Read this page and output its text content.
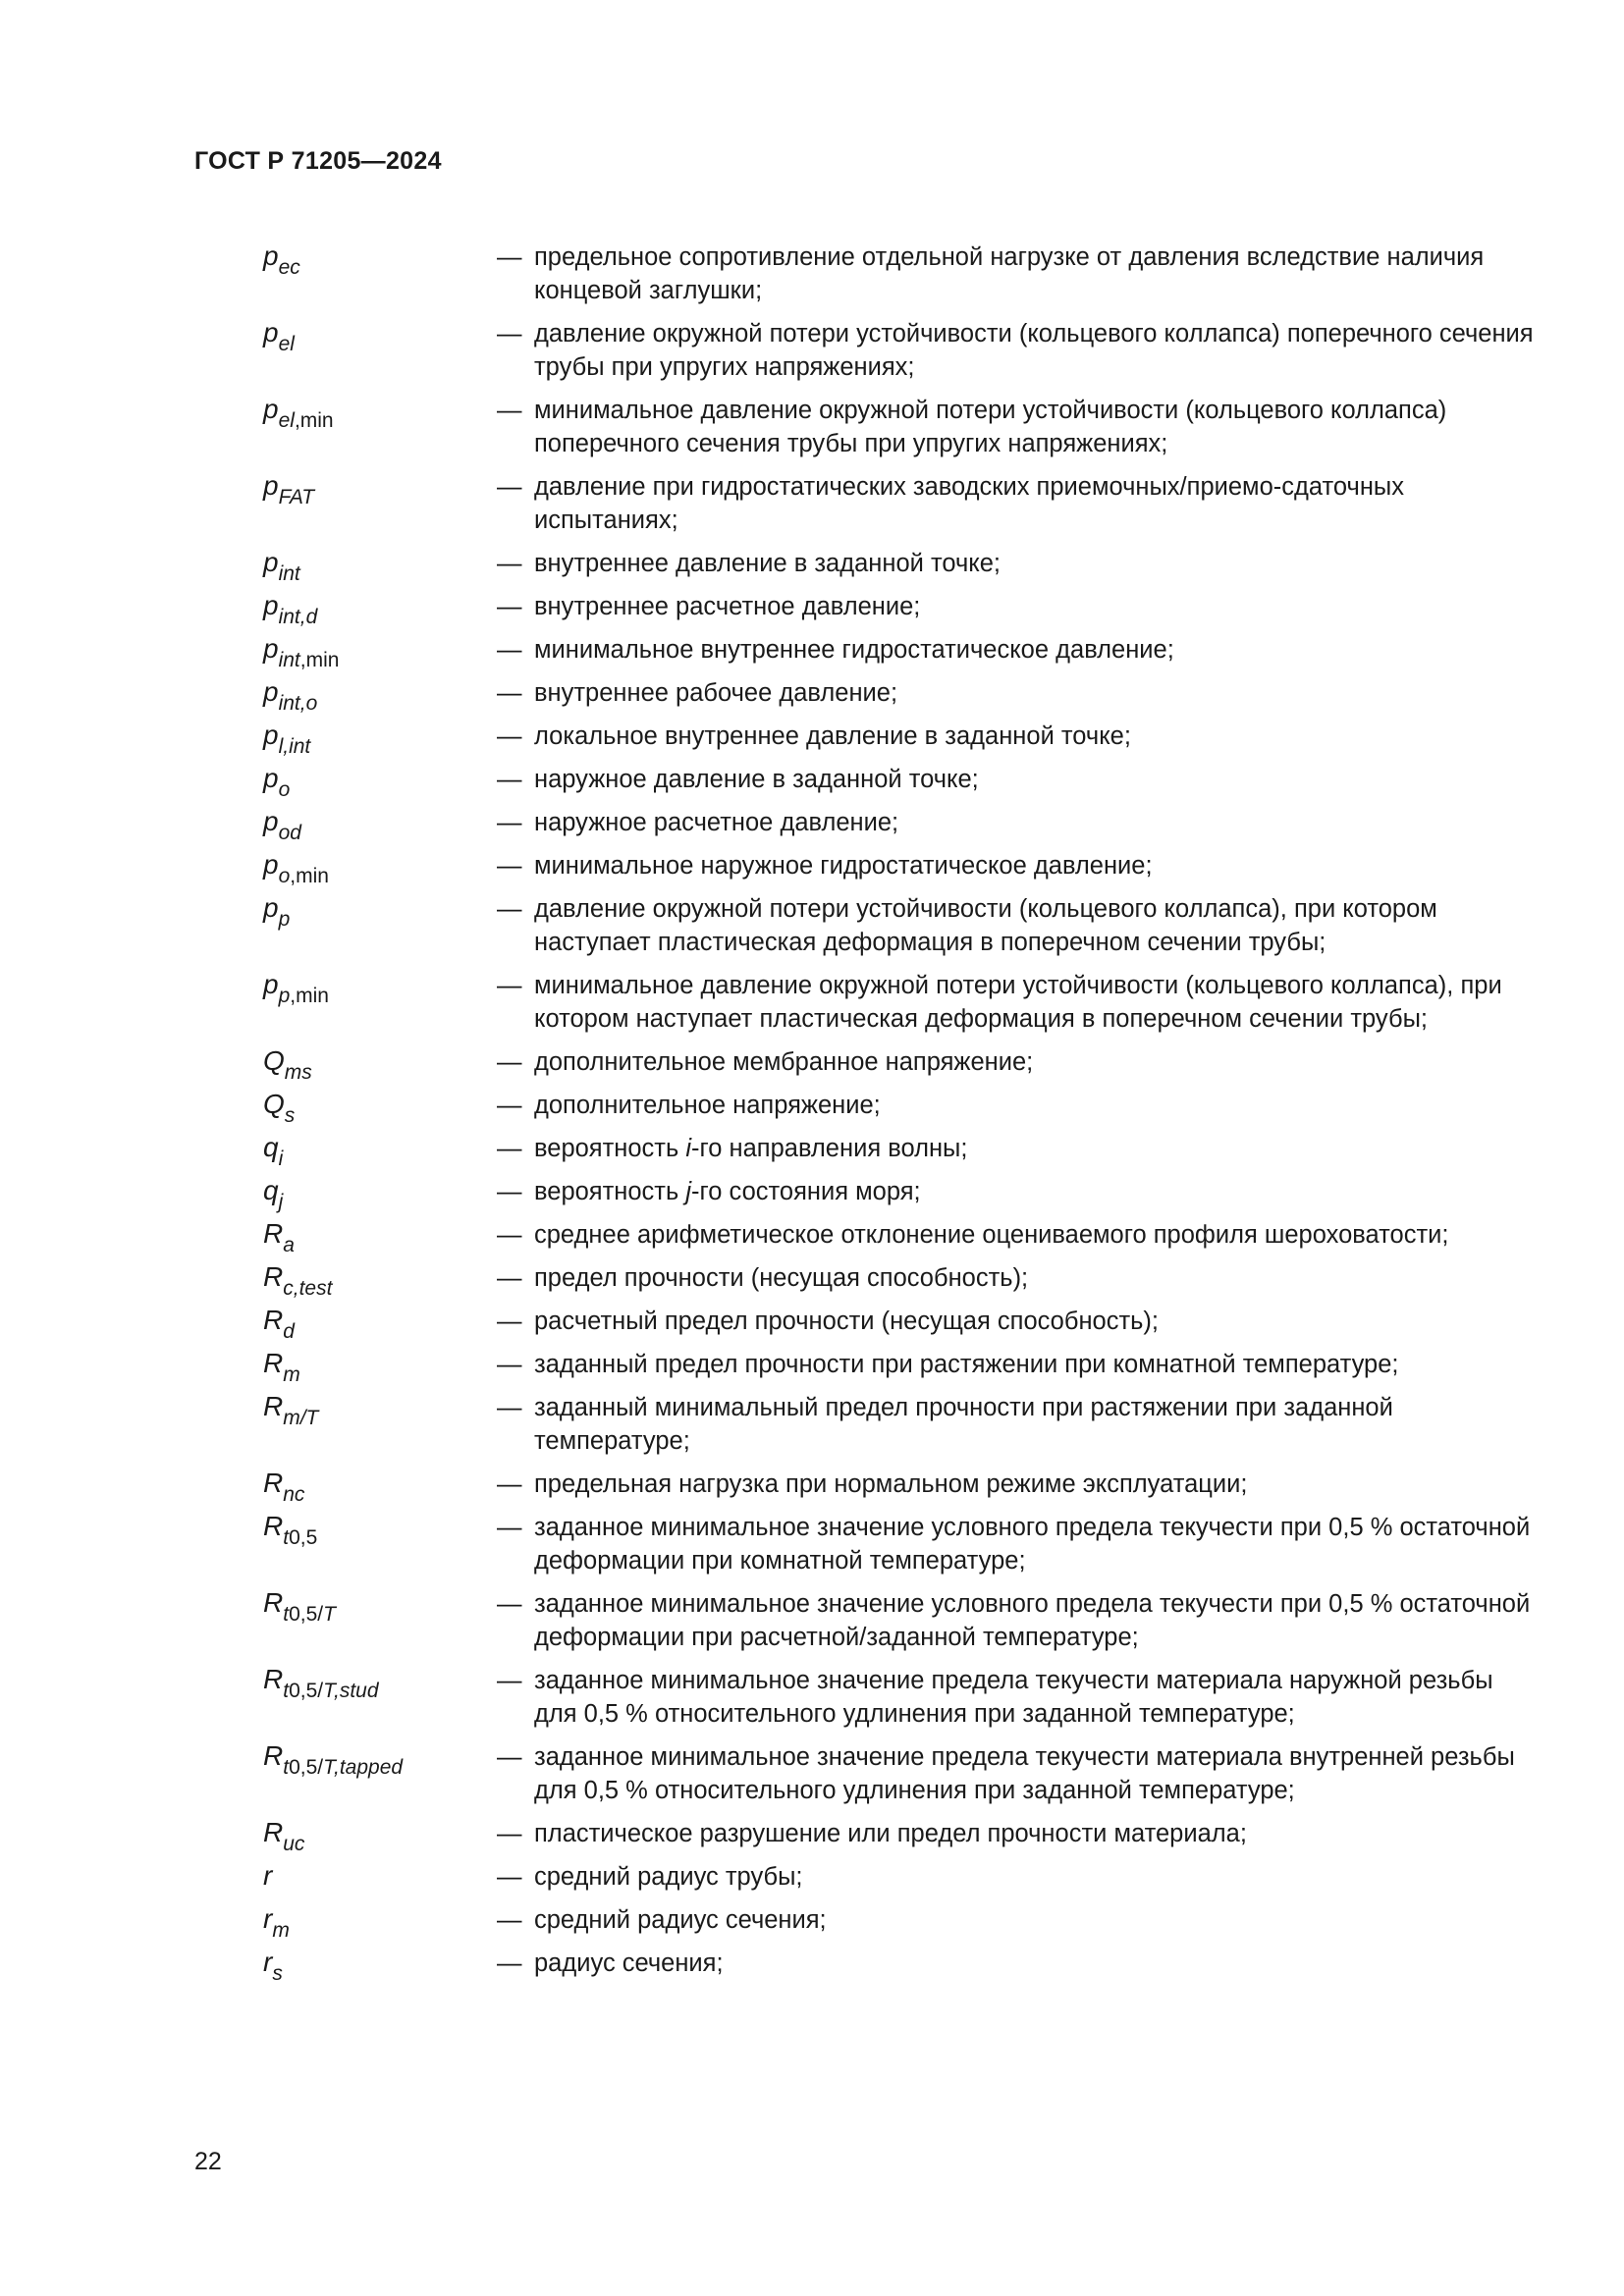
ГОСТ Р 71205—2024
$p_{ec}$	— предельное сопротивление отдельной нагрузке от давления вследствие наличия концевой заглушки;
$p_{el}$	— давление окружной потери устойчивости (кольцевого коллапса) поперечного сечения трубы при упругих напряжениях;
$p_{el,min}$	— минимальное давление окружной потери устойчивости (кольцевого коллапса) поперечного сечения трубы при упругих напряжениях;
$p_{FAT}$	— давление при гидростатических заводских приемочных/приемо-сдаточных испытаниях;
$p_{int}$	— внутреннее давление в заданной точке;
$p_{int,d}$	— внутреннее расчетное давление;
$p_{int,min}$	— минимальное внутреннее гидростатическое давление;
$p_{int,o}$	— внутреннее рабочее давление;
$p_{l,int}$	— локальное внутреннее давление в заданной точке;
$p_o$	— наружное давление в заданной точке;
$p_{od}$	— наружное расчетное давление;
$p_{o,min}$	— минимальное наружное гидростатическое давление;
$p_p$	— давление окружной потери устойчивости (кольцевого коллапса), при котором наступает пластическая деформация в поперечном сечении трубы;
$p_{p,min}$	— минимальное давление окружной потери устойчивости (кольцевого коллапса), при котором наступает пластическая деформация в поперечном сечении трубы;
$Q_{ms}$	— дополнительное мембранное напряжение;
$Q_s$	— дополнительное напряжение;
$q_i$	— вероятность i-го направления волны;
$q_j$	— вероятность j-го состояния моря;
$R_a$	— среднее арифметическое отклонение оцениваемого профиля шероховатости;
$R_{c,test}$	— предел прочности (несущая способность);
$R_d$	— расчетный предел прочности (несущая способность);
$R_m$	— заданный предел прочности при растяжении при комнатной температуре;
$R_{m/T}$	— заданный минимальный предел прочности при растяжении при заданной температуре;
$R_{nc}$	— предельная нагрузка при нормальном режиме эксплуатации;
$R_{t0,5}$	— заданное минимальное значение условного предела текучести при 0,5 % остаточной деформации при комнатной температуре;
$R_{t0,5/T}$	— заданное минимальное значение условного предела текучести при 0,5 % остаточной деформации при расчетной/заданной температуре;
$R_{t0,5/T,stud}$	— заданное минимальное значение предела текучести материала наружной резьбы для 0,5 % относительного удлинения при заданной температуре;
$R_{t0,5/T,tapped}$	— заданное минимальное значение предела текучести материала внутренней резьбы для 0,5 % относительного удлинения при заданной температуре;
$R_{uc}$	— пластическое разрушение или предел прочности материала;
r	— средний радиус трубы;
$r_m$	— средний радиус сечения;
$r_s$	— радиус сечения;
22
